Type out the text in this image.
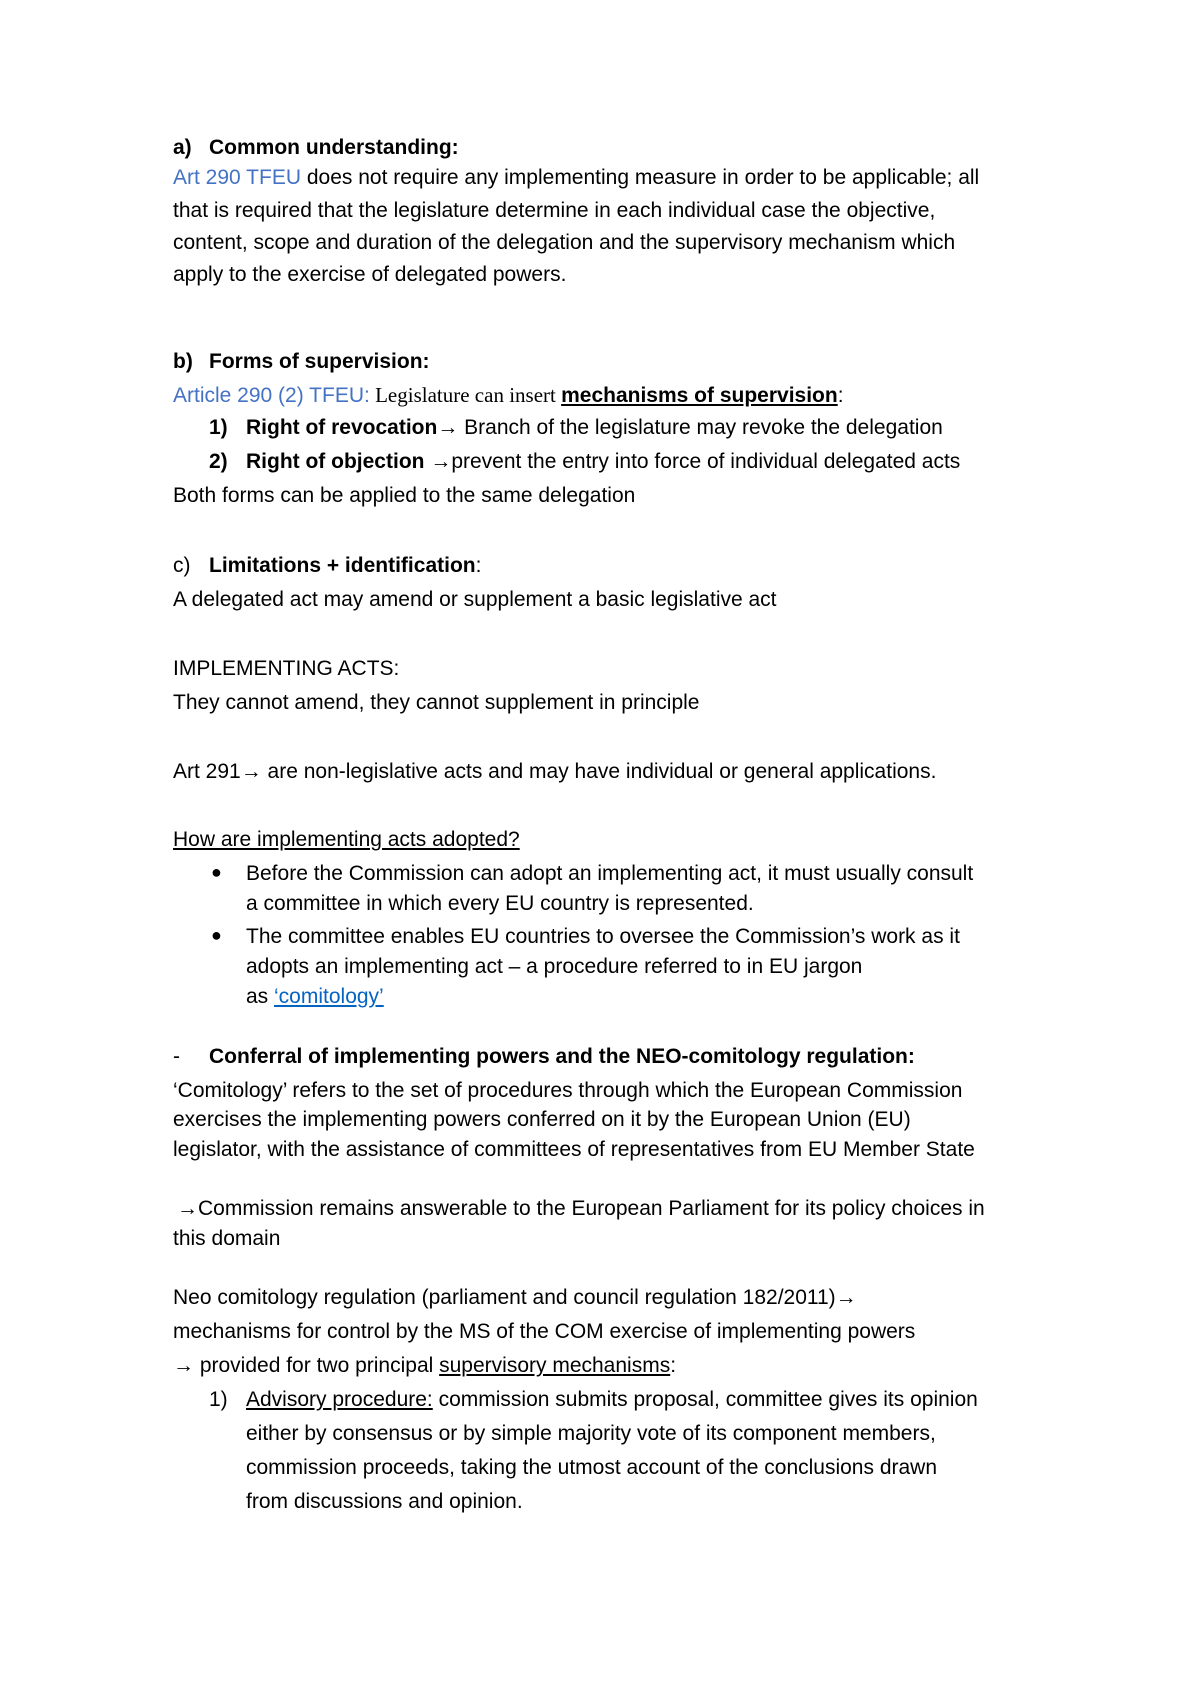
a) Common understanding:
Art 290 TFEU does not require any implementing measure in order to be applicable; all
that is required that the legislature determine in each individual case the objective,
content, scope and duration of the delegation and the supervisory mechanism which
apply to the exercise of delegated powers.
b) Forms of supervision:
Article 290 (2) TFEU: Legislature can insert mechanisms of supervision:
1) Right of revocation→ Branch of the legislature may revoke the delegation
2) Right of objection →prevent the entry into force of individual delegated acts
Both forms can be applied to the same delegation
c) Limitations + identification:
A delegated act may amend or supplement a basic legislative act
IMPLEMENTING ACTS:
They cannot amend, they cannot supplement in principle
Art 291→ are non-legislative acts and may have individual or general applications.
How are implementing acts adopted?
● Before the Commission can adopt an implementing act, it must usually consult
a committee in which every EU country is represented.
● The committee enables EU countries to oversee the Commission’s work as it
adopts an implementing act – a procedure referred to in EU jargon
as ‘comitology’
- Conferral of implementing powers and the NEO-comitology regulation:
‘Comitology’ refers to the set of procedures through which the European Commission
exercises the implementing powers conferred on it by the European Union (EU)
legislator, with the assistance of committees of representatives from EU Member State
→Commission remains answerable to the European Parliament for its policy choices in
this domain
Neo comitology regulation (parliament and council regulation 182/2011)→
mechanisms for control by the MS of the COM exercise of implementing powers
→ provided for two principal supervisory mechanisms:
1) Advisory procedure: commission submits proposal, committee gives its opinion
either by consensus or by simple majority vote of its component members,
commission proceeds, taking the utmost account of the conclusions drawn
from discussions and opinion.
